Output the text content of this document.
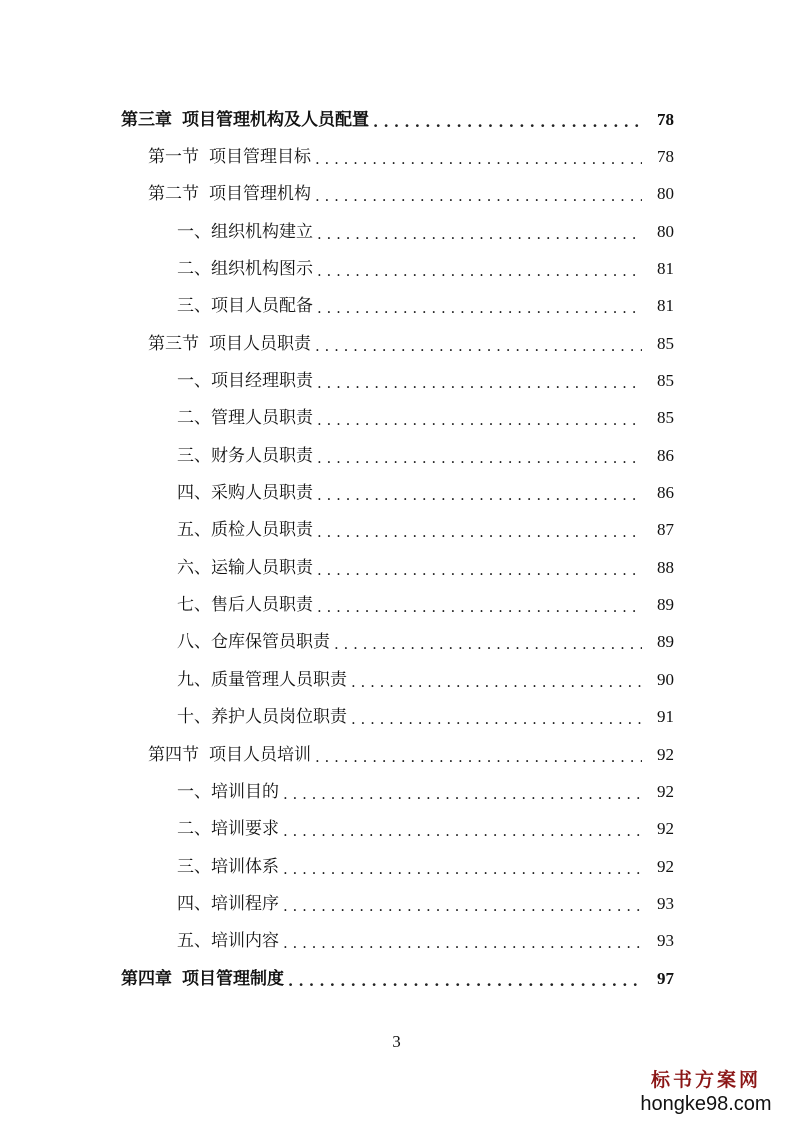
第三章 项目管理机构及人员配置 . . .	78
第一节 项目管理目标 . . .	78
第二节 项目管理机构 . . .	80
一、组织机构建立 . . .	80
二、组织机构图示 . . .	81
三、项目人员配备 . . .	81
第三节 项目人员职责 . . .	85
一、项目经理职责 . . .	85
二、管理人员职责 . . .	85
三、财务人员职责 . . .	86
四、采购人员职责 . . .	86
五、质检人员职责 . . .	87
六、运输人员职责 . . .	88
七、售后人员职责 . . .	89
八、仓库保管员职责 . . .	89
九、质量管理人员职责 . . .	90
十、养护人员岗位职责 . . .	91
第四节 项目人员培训 . . .	92
一、培训目的 . . .	92
二、培训要求 . . .	92
三、培训体系 . . .	92
四、培训程序 . . .	93
五、培训内容 . . .	93
第四章 项目管理制度 . . .	97
3
标书方案网
hongke98.com
